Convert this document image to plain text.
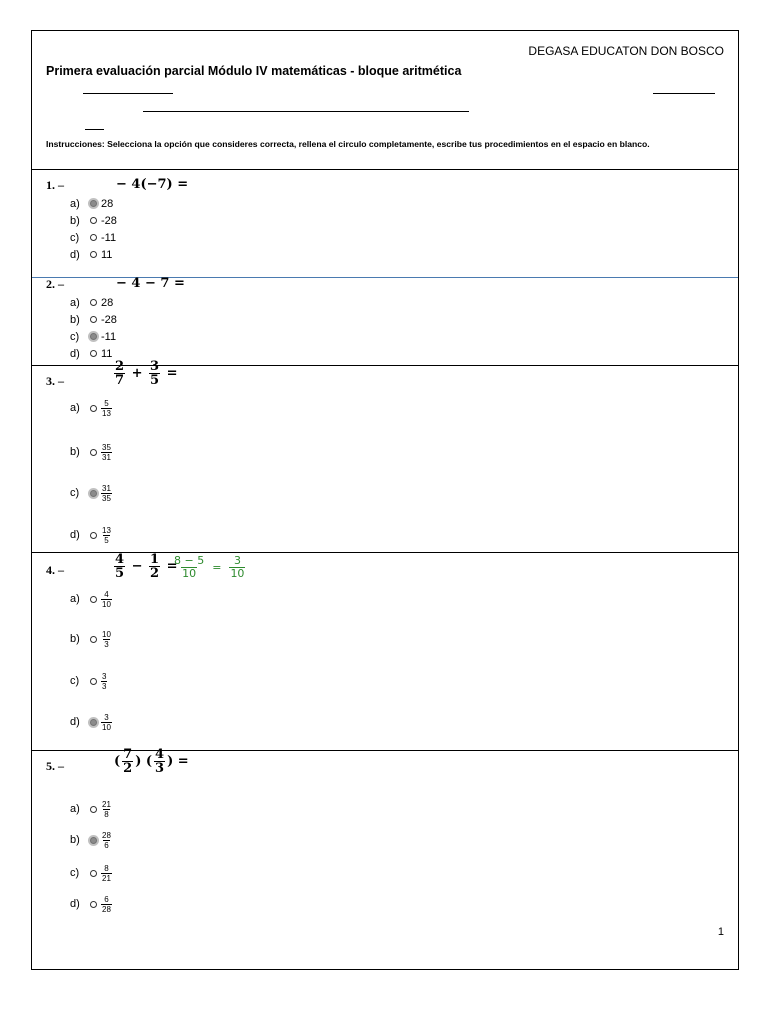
DEGASA EDUCATON DON BOSCO
Primera evaluación parcial Módulo IV matemáticas - bloque aritmética
Instrucciones: Selecciona la opción que consideres correcta, rellena el circulo completamente, escribe tus procedimientos en el espacio en blanco.
1. –	− 4(−7) =
a)	28
b)	-28
c)	-11
d)	11
2. –	− 4 − 7 =
a)	28
b)	-28
c)	-11
d)	11
3. –	$\frac{2}{7} + \frac{3}{5}$ =
a)	$\frac{5}{13}$
b)	$\frac{35}{31}$
c)	$\frac{31}{35}$
d)	$\frac{13}{5}$
4. –	$\frac{4}{5} - \frac{1}{2}$ =
$\frac{8 - 5}{10} = \frac{3}{10}$
a)	$\frac{4}{10}$
b)	$\frac{10}{3}$
c)	$\frac{3}{3}$
d)	$\frac{3}{10}$
5. –	( $\frac{7}{2}$ ) ( $\frac{4}{3}$ ) =
a)	$\frac{21}{8}$
b)	$\frac{28}{6}$
c)	$\frac{8}{21}$
d)	$\frac{6}{28}$
1
